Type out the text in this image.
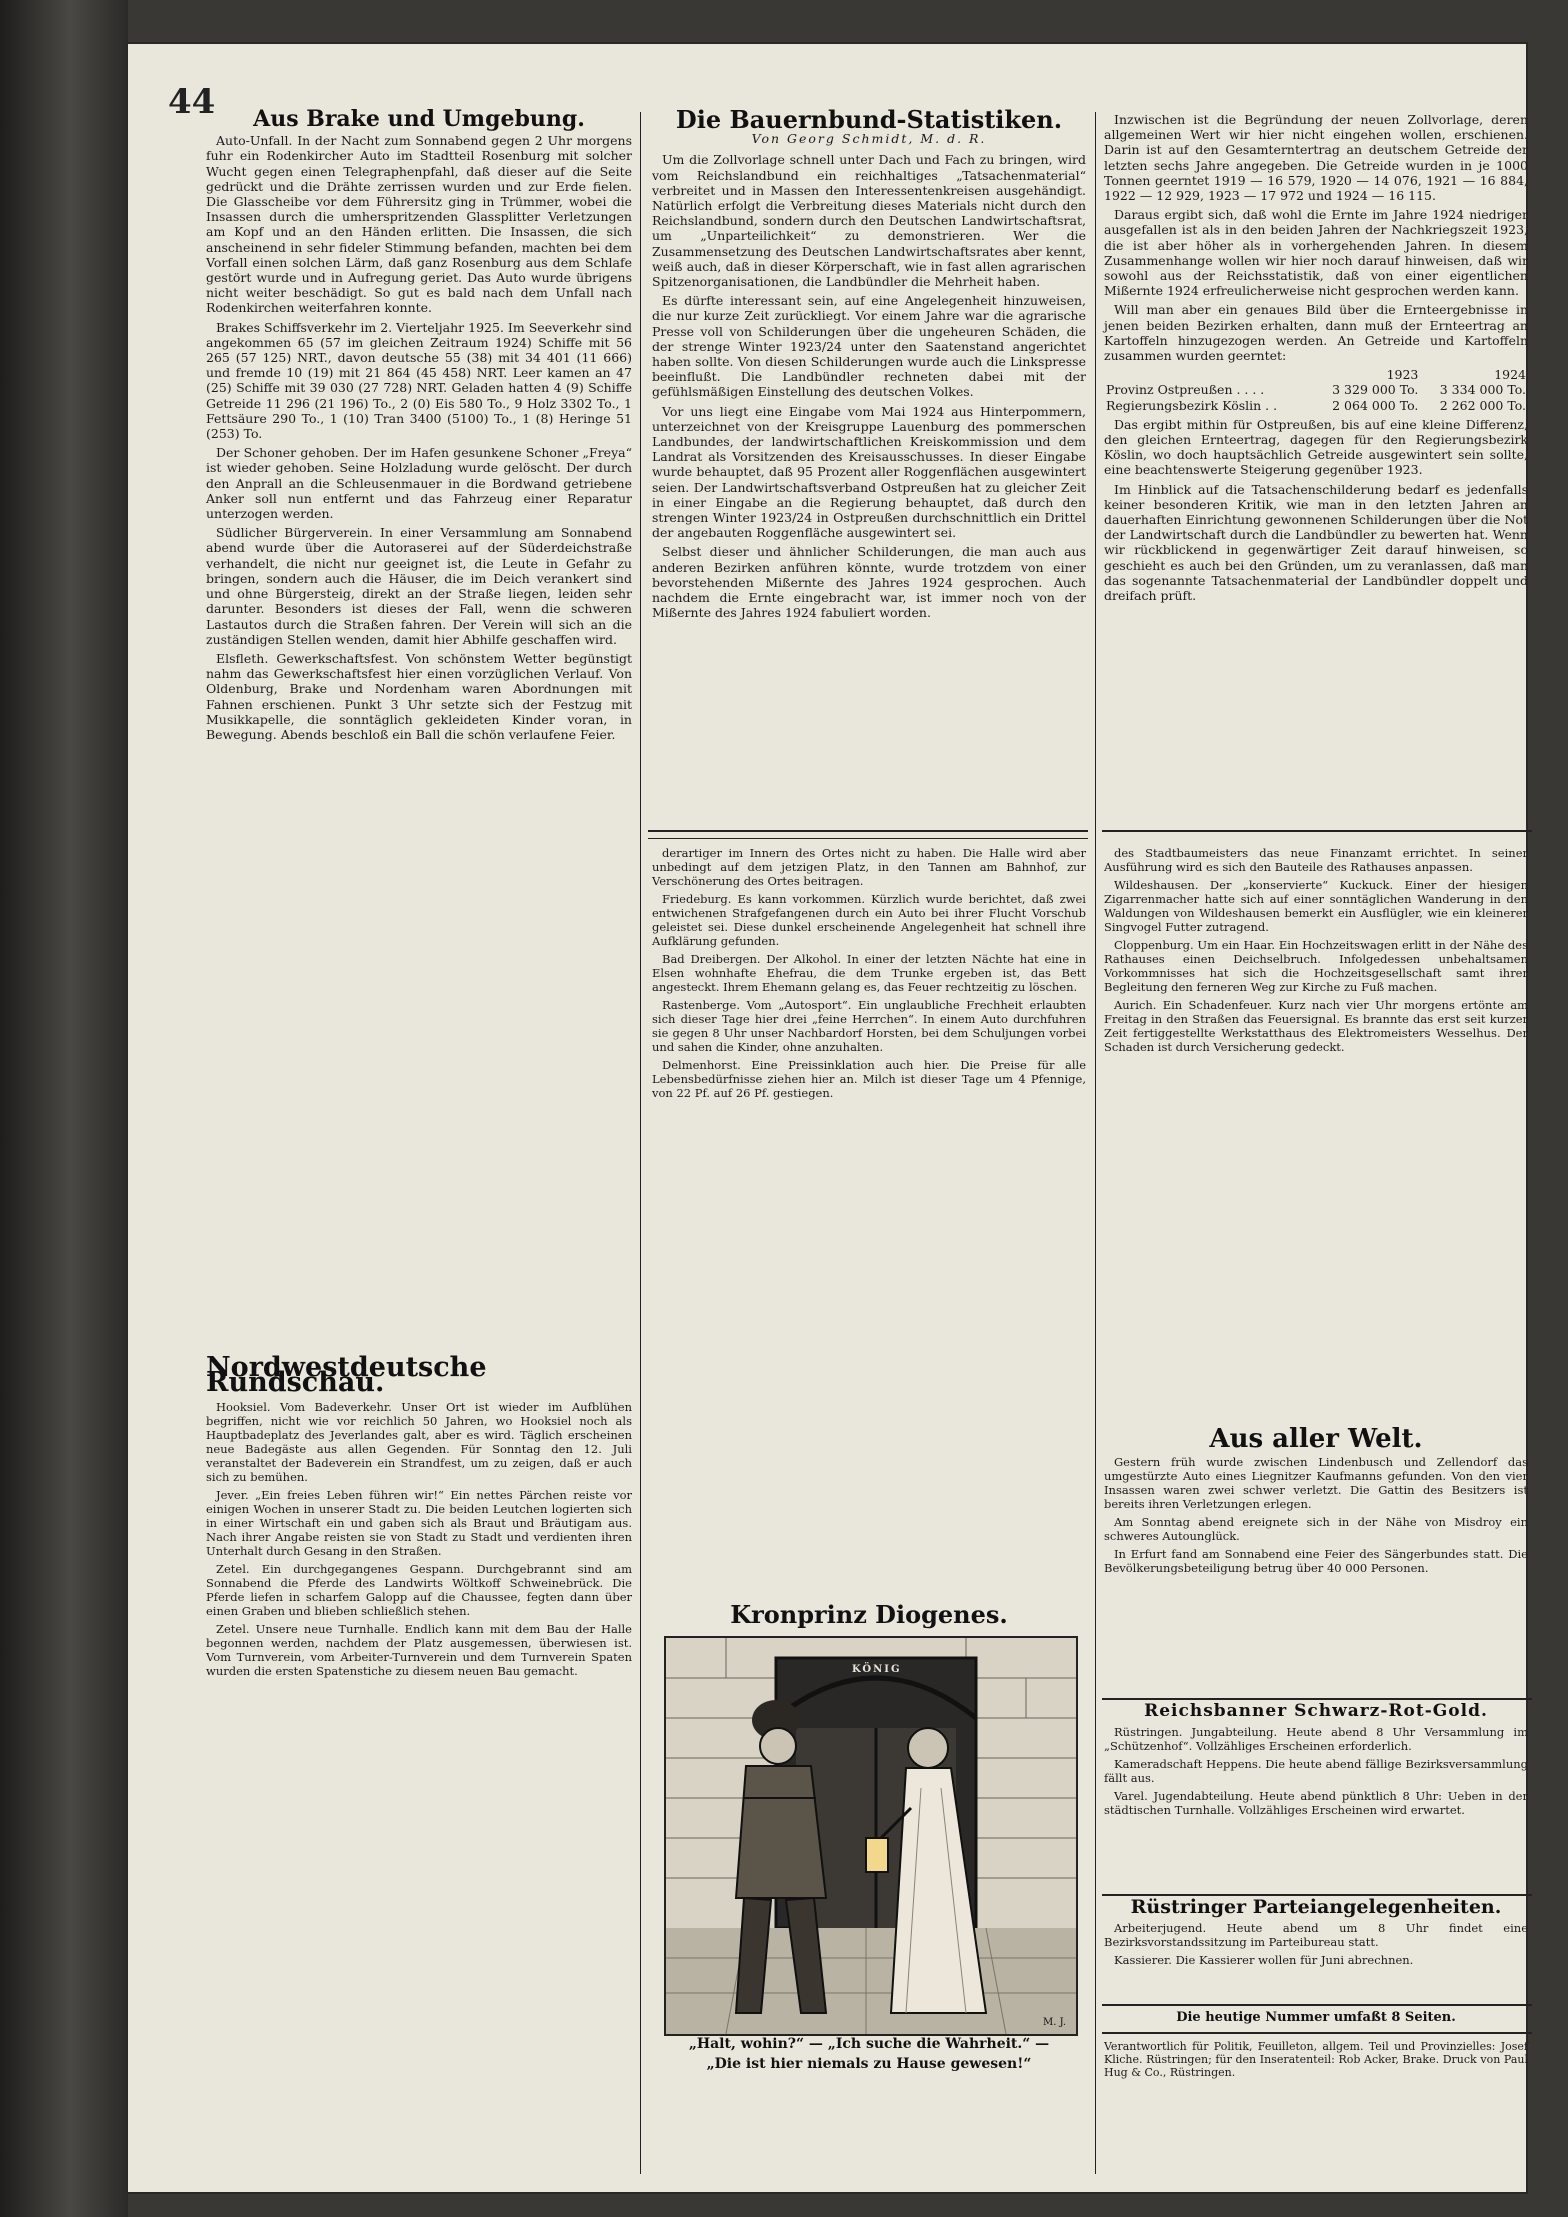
44	Aus Brake und Umgebung.

Auto-Unfall. In der Nacht zum Sonnabend gegen 2 Uhr morgens fuhr ein Rodenkircher Auto im Stadtteil Rosenburg mit solcher Wucht gegen einen Telegraphenpfahl, daß dieser auf die Seite gedrückt und die Drähte zerrissen wurden und zur Erde fielen. Die Glasscheibe vor dem Führersitz ging in Trümmer, wobei die Insassen durch die umherspritzenden Glassplitter Verletzungen am Kopf und an den Händen erlitten. Die Insassen, die sich anscheinend in sehr fideler Stimmung befanden, machten bei dem Vorfall einen solchen Lärm, daß ganz Rosenburg aus dem Schlafe gestört wurde und in Aufregung geriet. Das Auto wurde übrigens nicht weiter beschädigt. So gut es bald nach dem Unfall nach Rodenkirchen weiterfahren konnte.

Brakes Schiffsverkehr im 2. Vierteljahr 1925. Im Seeverkehr sind angekommen 65 (57 im gleichen Zeitraum 1924) Schiffe mit 56 265 (57 125) NRT., davon deutsche 55 (38) mit 34 401 (11 666) und fremde 10 (19) mit 21 864 (45 458) NRT. Leer kamen an 47 (25) Schiffe mit 39 030 (27 728) NRT. Geladen hatten 4 (9) Schiffe Getreide 11 296 (21 196) To., 2 (0) Eis 580 To., 9 Holz 3302 To., 1 Fettsäure 290 To., 1 (10) Tran 3400 (5100) To., 1 (8) Heringe 51 (253) To.

Der Schoner gehoben. Der im Hafen gesunkene Schoner „Freya“ ist wieder gehoben. Seine Holzladung wurde gelöscht. Der durch den Anprall an die Schleusenmauer in die Bordwand getriebene Anker soll nun entfernt und das Fahrzeug einer Reparatur unterzogen werden.

Südlicher Bürgerverein. In einer Versammlung am Sonnabend abend wurde über die Autoraserei auf der Süderdeichstraße verhandelt, die nicht nur geeignet ist, die Leute in Gefahr zu bringen, sondern auch die Häuser, die im Deich verankert sind und ohne Bürgersteig, direkt an der Straße liegen, leiden sehr darunter. Besonders ist dieses der Fall, wenn die schweren Lastautos durch die Straßen fahren. Der Verein will sich an die zuständigen Stellen wenden, damit hier Abhilfe geschaffen wird.

Elsfleth. Gewerkschaftsfest. Von schönstem Wetter begünstigt nahm das Gewerkschaftsfest hier einen vorzüglichen Verlauf. Von Oldenburg, Brake und Nordenham waren Abordnungen mit Fahnen erschienen. Punkt 3 Uhr setzte sich der Festzug mit Musikkapelle, die sonntäglich gekleideten Kinder voran, in Bewegung. Abends beschloß ein Ball die schön verlaufene Feier.

Nordwestdeutsche Rundschau.

Hooksiel. Vom Badeverkehr. Unser Ort ist wieder im Aufblühen begriffen, nicht wie vor reichlich 50 Jahren, wo Hooksiel noch als Hauptbadeplatz des Jeverlandes galt, aber es wird. Täglich erscheinen neue Badegäste aus allen Gegenden. Für Sonntag den 12. Juli veranstaltet der Badeverein ein Strandfest, um zu zeigen, daß er auch sich zu bemühen.

Jever. „Ein freies Leben führen wir!“ Ein nettes Pärchen reiste vor einigen Wochen in unserer Stadt zu. Die beiden Leutchen logierten sich in einer Wirtschaft ein und gaben sich als Braut und Bräutigam aus. Nach ihrer Angabe reisten sie von Stadt zu Stadt und verdienten ihren Unterhalt durch Gesang in den Straßen.

Zetel. Ein durchgegangenes Gespann. Durchgebrannt sind am Sonnabend die Pferde des Landwirts Wöltkoff Schweinebrück. Die Pferde liefen in scharfem Galopp auf die Chaussee, fegten dann über einen Graben und blieben schließlich stehen.

Zetel. Unsere neue Turnhalle. Endlich kann mit dem Bau der Halle begonnen werden, nachdem der Platz ausgemessen, überwiesen ist. Vom Turnverein, vom Arbeiter-Turnverein und dem Turnverein Spaten wurden die ersten Spatenstiche zu diesem neuen Bau gemacht.

Die Bauernbund-Statistiken.
Von Georg Schmidt, M. d. R.

Um die Zollvorlage schnell unter Dach und Fach zu bringen, wird vom Reichslandbund ein reichhaltiges „Tatsachenmaterial“ verbreitet und in Massen den Interessentenkreisen ausgehändigt. Natürlich erfolgt die Verbreitung dieses Materials nicht durch den Reichslandbund, sondern durch den Deutschen Landwirtschaftsrat, um „Unparteilichkeit“ zu demonstrieren. Wer die Zusammensetzung des Deutschen Landwirtschaftsrates aber kennt, weiß auch, daß in dieser Körperschaft, wie in fast allen agrarischen Spitzenorganisationen, die Landbündler die Mehrheit haben.

Es dürfte interessant sein, auf eine Angelegenheit hinzuweisen, die nur kurze Zeit zurückliegt. Vor einem Jahre war die agrarische Presse voll von Schilderungen über die ungeheuren Schäden, die der strenge Winter 1923/24 unter den Saatenstand angerichtet haben sollte. Von diesen Schilderungen wurde auch die Linkspresse beeinflußt. Die Landbündler rechneten dabei mit der gefühlsmäßigen Einstellung des deutschen Volkes.

Vor uns liegt eine Eingabe vom Mai 1924 aus Hinterpommern, unterzeichnet von der Kreisgruppe Lauenburg des pommerschen Landbundes, der landwirtschaftlichen Kreiskommission und dem Landrat als Vorsitzenden des Kreisausschusses. In dieser Eingabe wurde behauptet, daß 95 Prozent aller Roggenflächen ausgewintert seien. Der Landwirtschaftsverband Ostpreußen hat zu gleicher Zeit in einer Eingabe an die Regierung behauptet, daß durch den strengen Winter 1923/24 in Ostpreußen durchschnittlich ein Drittel der angebauten Roggenfläche ausgewintert sei.

Selbst dieser und ähnlicher Schilderungen, die man auch aus anderen Bezirken anführen könnte, wurde trotzdem von einer bevorstehenden Mißernte des Jahres 1924 gesprochen. Auch nachdem die Ernte eingebracht war, ist immer noch von der Mißernte des Jahres 1924 fabuliert worden.

Inzwischen ist die Begründung der neuen Zollvorlage, deren allgemeinen Wert wir hier nicht eingehen wollen, erschienen. Darin ist auf den Gesamterntertrag an deutschem Getreide der letzten sechs Jahre angegeben. Die Getreide wurden in je 1000 Tonnen geerntet 1919 — 16 579, 1920 — 14 076, 1921 — 16 884, 1922 — 12 929, 1923 — 17 972 und 1924 — 16 115.

Daraus ergibt sich, daß wohl die Ernte im Jahre 1924 niedriger ausgefallen ist als in den beiden Jahren der Nachkriegszeit 1923, die ist aber höher als in vorhergehenden Jahren. In diesem Zusammenhange wollen wir hier noch darauf hinweisen, daß wir sowohl aus der Reichsstatistik, daß von einer eigentlichen Mißernte 1924 erfreulicherweise nicht gesprochen werden kann.

Will man aber ein genaues Bild über die Ernteergebnisse in jenen beiden Bezirken erhalten, dann muß der Ernteertrag an Kartoffeln hinzugezogen werden. An Getreide und Kartoffeln zusammen wurden geerntet:

	1923	1924
Provinz Ostpreußen . . . .	3 329 000 To.	3 334 000 To.
Regierungsbezirk Köslin . .	2 064 000 To.	2 262 000 To.

Das ergibt mithin für Ostpreußen, bis auf eine kleine Differenz, den gleichen Ernteertrag, dagegen für den Regierungsbezirk Köslin, wo doch hauptsächlich Getreide ausgewintert sein sollte, eine beachtenswerte Steigerung gegenüber 1923.

Im Hinblick auf die Tatsachenschilderung bedarf es jedenfalls keiner besonderen Kritik, wie man in den letzten Jahren an dauerhaften Einrichtung gewonnenen Schilderungen über die Not der Landwirtschaft durch die Landbündler zu bewerten hat. Wenn wir rückblickend in gegenwärtiger Zeit darauf hinweisen, so geschieht es auch bei den Gründen, um zu veranlassen, daß man das sogenannte Tatsachenmaterial der Landbündler doppelt und dreifach prüft.

derartiger im Innern des Ortes nicht zu haben. Die Halle wird aber unbedingt auf dem jetzigen Platz, in den Tannen am Bahnhof, zur Verschönerung des Ortes beitragen.

Friedeburg. Es kann vorkommen. Kürzlich wurde berichtet, daß zwei entwichenen Strafgefangenen durch ein Auto bei ihrer Flucht Vorschub geleistet sei. Diese dunkel erscheinende Angelegenheit hat schnell ihre Aufklärung gefunden.

Bad Dreibergen. Der Alkohol. In einer der letzten Nächte hat eine in Elsen wohnhafte Ehefrau, die dem Trunke ergeben ist, das Bett angesteckt. Ihrem Ehemann gelang es, das Feuer rechtzeitig zu löschen.

Rastenberge. Vom „Autosport“. Ein unglaubliche Frechheit erlaubten sich dieser Tage hier drei „feine Herrchen“. In einem Auto durchfuhren sie gegen 8 Uhr unser Nachbardorf Horsten, bei dem Schuljungen vorbei und sahen die Kinder, ohne anzuhalten.

Delmenhorst. Eine Preissinklation auch hier. Die Preise für alle Lebensbedürfnisse ziehen hier an. Milch ist dieser Tage um 4 Pfennige, von 22 Pf. auf 26 Pf. gestiegen.

Kronprinz Diogenes.
KÖNIG
M. J.
„Halt, wohin?“ — „Ich suche die Wahrheit.“ —
„Die ist hier niemals zu Hause gewesen!“

des Stadtbaumeisters das neue Finanzamt errichtet. In seiner Ausführung wird es sich den Bauteile des Rathauses anpassen.

Wildeshausen. Der „konservierte“ Kuckuck. Einer der hiesigen Zigarrenmacher hatte sich auf einer sonntäglichen Wanderung in den Waldungen von Wildeshausen bemerkt ein Ausflügler, wie ein kleinerer Singvogel Futter zutragend.

Cloppenburg. Um ein Haar. Ein Hochzeitswagen erlitt in der Nähe des Rathauses einen Deichselbruch. Infolgedessen unbehaltsamen Vorkommnisses hat sich die Hochzeitsgesellschaft samt ihrer Begleitung den ferneren Weg zur Kirche zu Fuß machen.

Aurich. Ein Schadenfeuer. Kurz nach vier Uhr morgens ertönte am Freitag in den Straßen das Feuersignal. Es brannte das erst seit kurzer Zeit fertiggestellte Werkstatthaus des Elektromeisters Wesselhus. Der Schaden ist durch Versicherung gedeckt.

Aus aller Welt.

Gestern früh wurde zwischen Lindenbusch und Zellendorf das umgestürzte Auto eines Liegnitzer Kaufmanns gefunden. Von den vier Insassen waren zwei schwer verletzt. Die Gattin des Besitzers ist bereits ihren Verletzungen erlegen.

Am Sonntag abend ereignete sich in der Nähe von Misdroy ein schweres Autounglück.

In Erfurt fand am Sonnabend eine Feier des Sängerbundes statt. Die Bevölkerungsbeteiligung betrug über 40 000 Personen.

Reichsbanner Schwarz-Rot-Gold.

Rüstringen. Jungabteilung. Heute abend 8 Uhr Versammlung im „Schützenhof“. Vollzähliges Erscheinen erforderlich.

Kameradschaft Heppens. Die heute abend fällige Bezirksversammlung fällt aus.

Varel. Jugendabteilung. Heute abend pünktlich 8 Uhr: Ueben in der städtischen Turnhalle. Vollzähliges Erscheinen wird erwartet.

Rüstringer Parteiangelegenheiten.

Arbeiterjugend. Heute abend um 8 Uhr findet eine Bezirksvorstandssitzung im Parteibureau statt.

Kassierer. Die Kassierer wollen für Juni abrechnen.

Die heutige Nummer umfaßt 8 Seiten.
Verantwortlich für Politik, Feuilleton, allgem. Teil und Provinzielles: Josef Kliche. Rüstringen; für den Inseratenteil: Rob Acker, Brake. Druck von Paul Hug & Co., Rüstringen.
